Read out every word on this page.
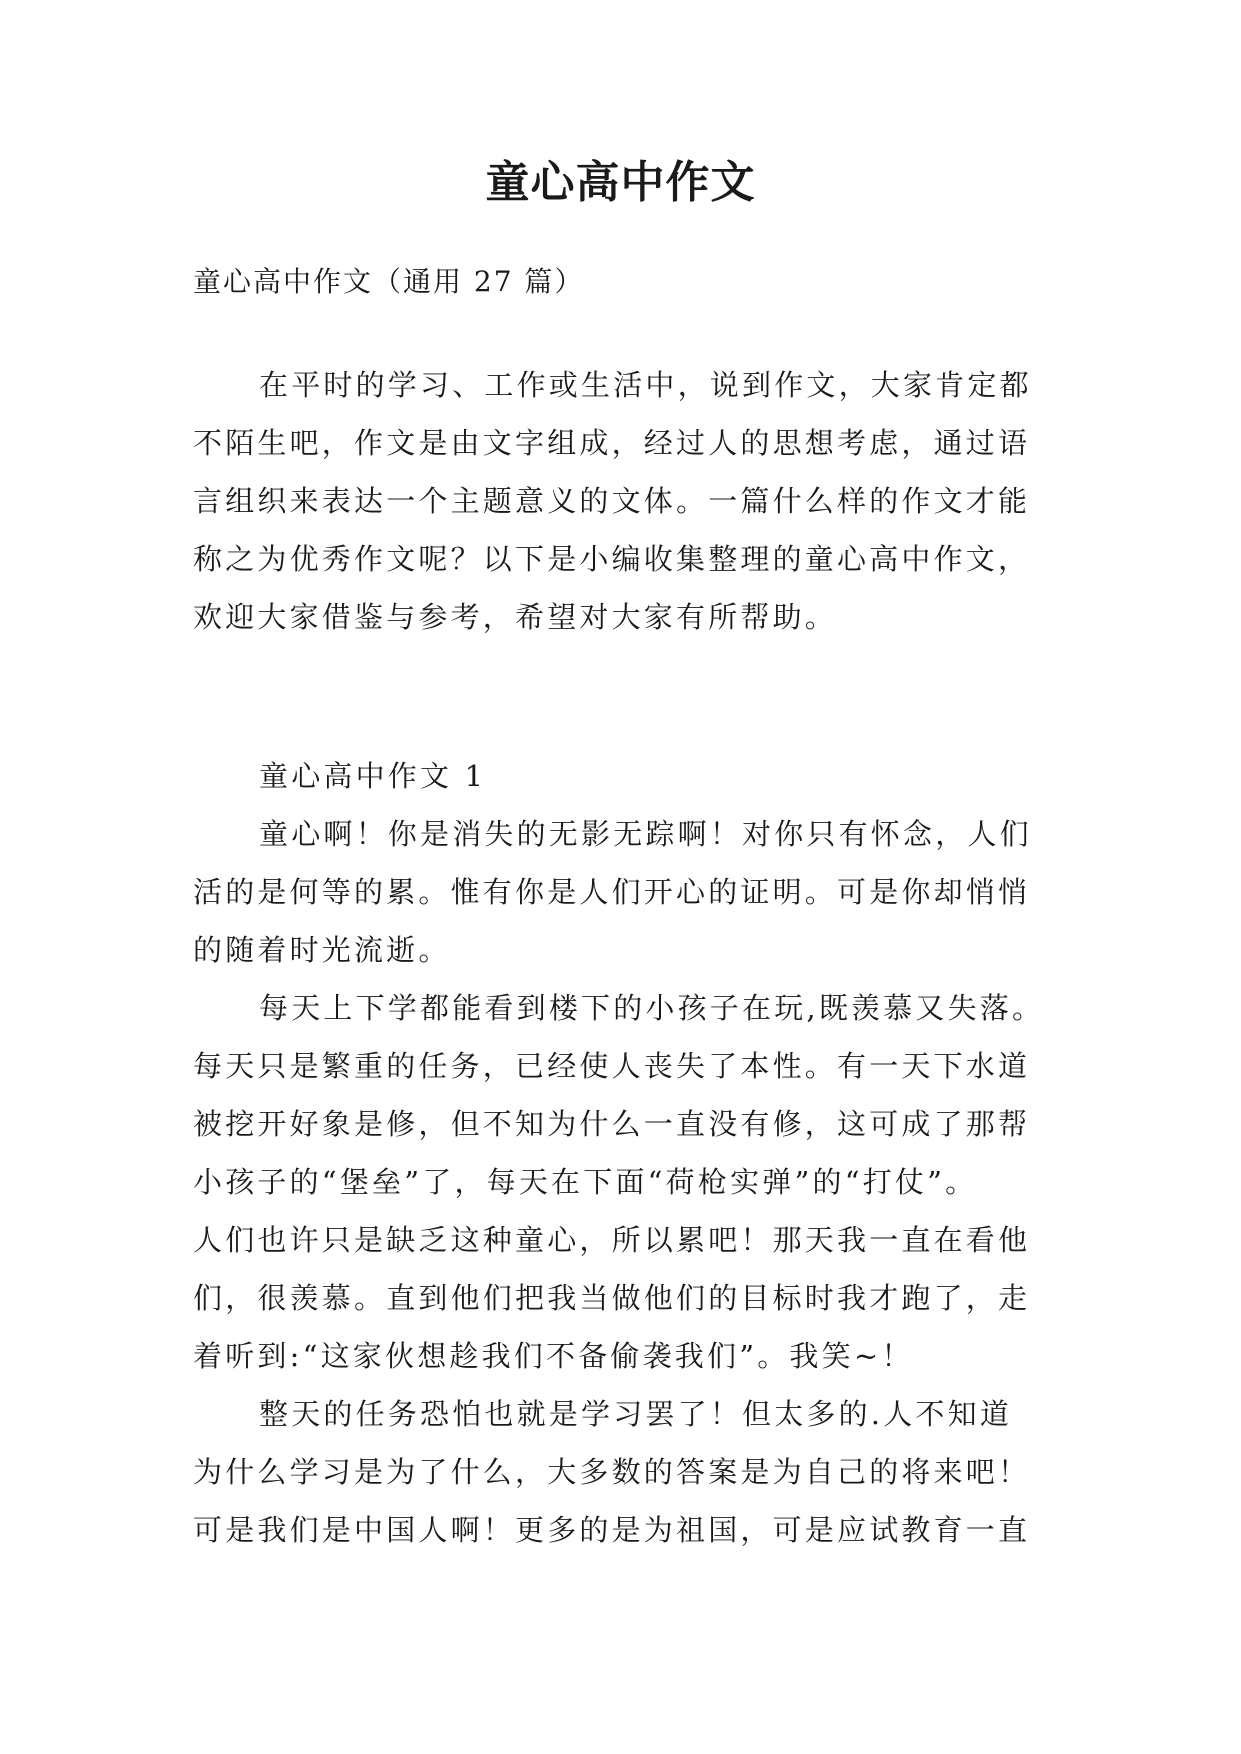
童心高中作文
童心高中作文（通用 27 篇）
在平时的学习、工作或生活中，说到作文，大家肯定都
不陌生吧，作文是由文字组成，经过人的思想考虑，通过语
言组织来表达一个主题意义的文体。一篇什么样的作文才能
称之为优秀作文呢？以下是小编收集整理的童心高中作文，
欢迎大家借鉴与参考，希望对大家有所帮助。
童心高中作文 1
童心啊！你是消失的无影无踪啊！对你只有怀念，人们
活的是何等的累。惟有你是人们开心的证明。可是你却悄悄
的随着时光流逝。
每天上下学都能看到楼下的小孩子在玩,既羡慕又失落。
每天只是繁重的任务，已经使人丧失了本性。有一天下水道
被挖开好象是修，但不知为什么一直没有修，这可成了那帮
小孩子的“堡垒”了，每天在下面“荷枪实弹”的“打仗”。
人们也许只是缺乏这种童心，所以累吧！那天我一直在看他
们，很羡慕。直到他们把我当做他们的目标时我才跑了，走
着听到:“这家伙想趁我们不备偷袭我们”。我笑~！
整天的任务恐怕也就是学习罢了！但太多的.人不知道
为什么学习是为了什么，大多数的答案是为自己的将来吧！
可是我们是中国人啊！更多的是为祖国，可是应试教育一直
